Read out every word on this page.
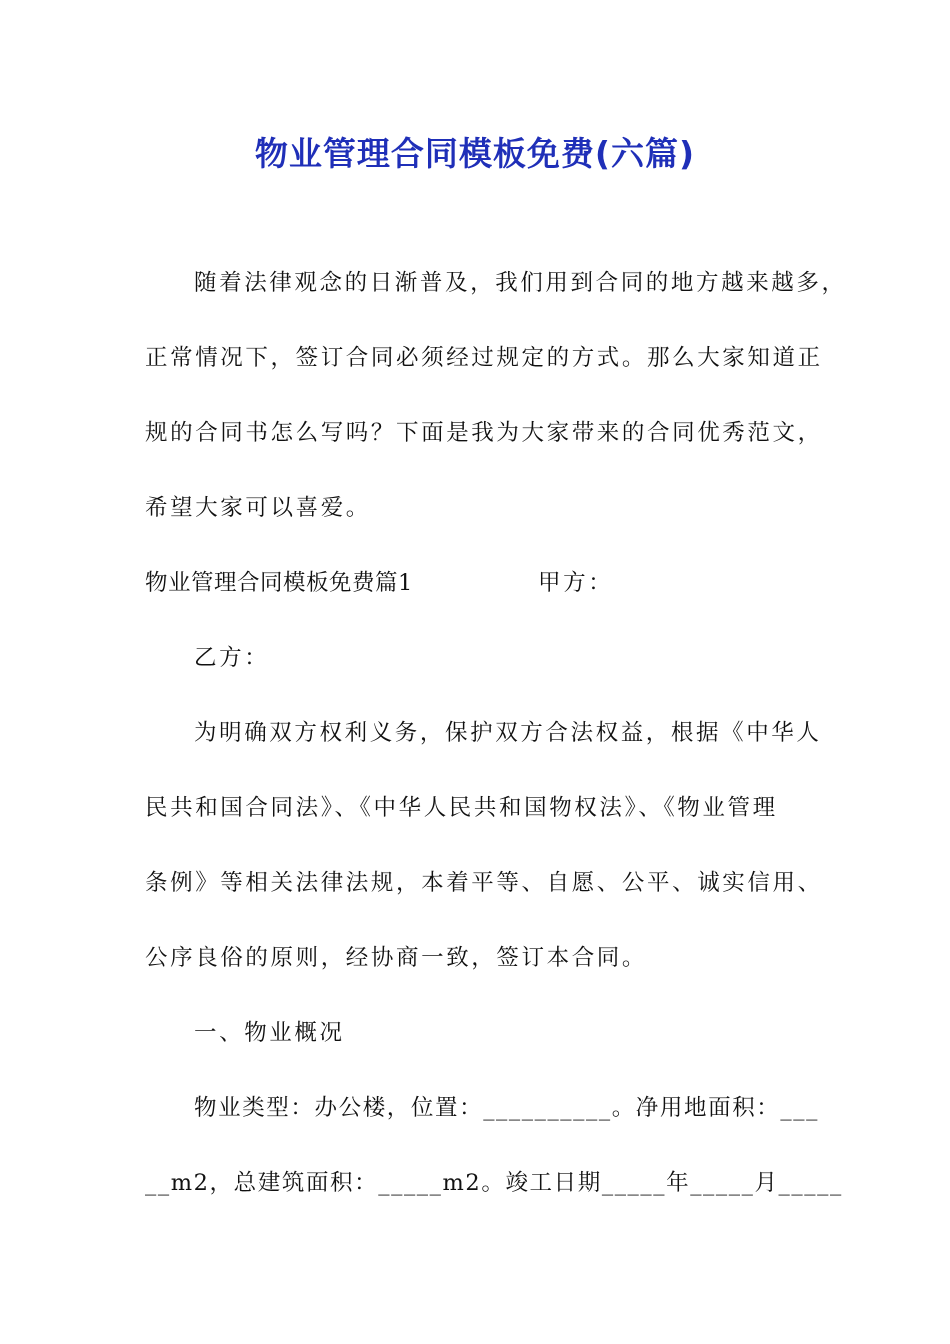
物业管理合同模板免费(六篇)
随着法律观念的日渐普及，我们用到合同的地方越来越多，
正常情况下，签订合同必须经过规定的方式。那么大家知道正
规的合同书怎么写吗？下面是我为大家带来的合同优秀范文，
希望大家可以喜爱。
物业管理合同模板免费篇1	甲方：
乙方：
为明确双方权利义务，保护双方合法权益，根据《中华人
民共和国合同法》、《中华人民共和国物权法》、《物业管理
条例》等相关法律法规，本着平等、自愿、公平、诚实信用、
公序良俗的原则，经协商一致，签订本合同。
一、物业概况
物业类型：办公楼，位置：__________。净用地面积：___
__m2，总建筑面积：_____m2。竣工日期_____年_____月_____
